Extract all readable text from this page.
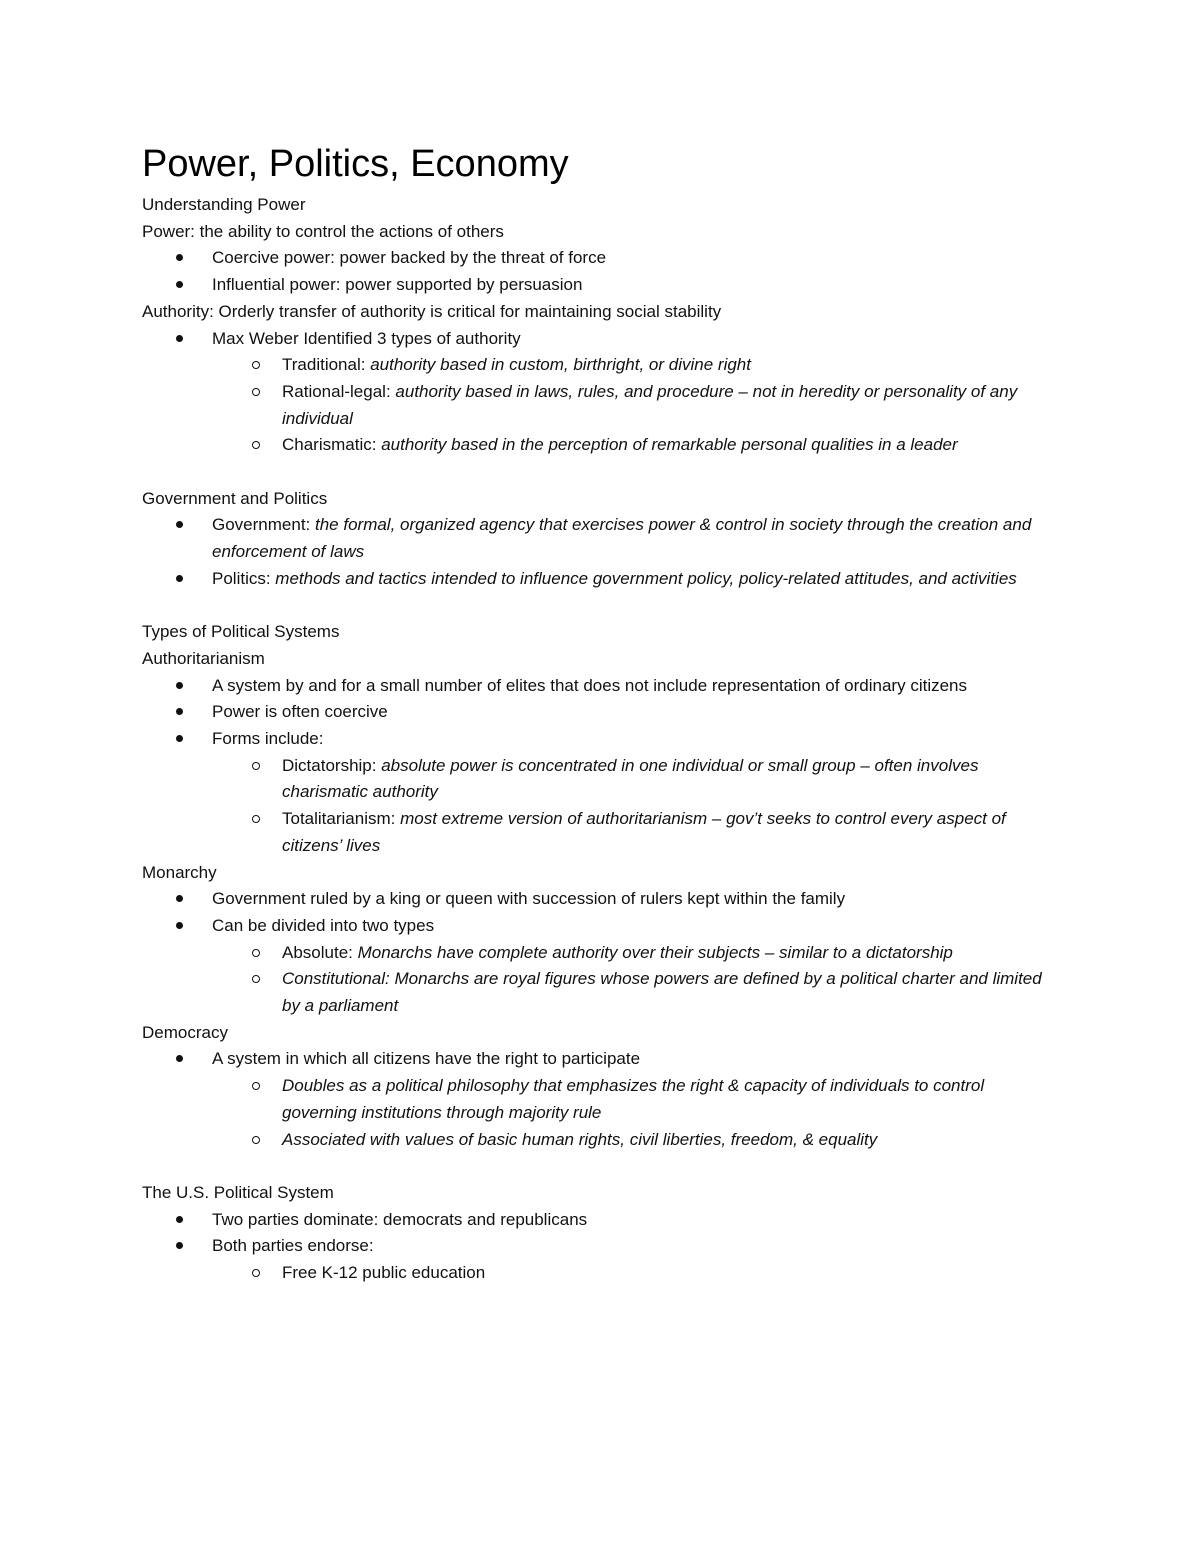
Power, Politics, Economy

Understanding Power

Power: the ability to control the actions of others

Coercive power: power backed by the threat of force
Influential power: power supported by persuasion

Authority: Orderly transfer of authority is critical for maintaining social stability

Max Weber Identified 3 types of authority
Traditional: authority based in custom, birthright, or divine right
Rational-legal: authority based in laws, rules, and procedure – not in heredity or personality of any individual
Charismatic: authority based in the perception of remarkable personal qualities in a leader

Government and Politics

Government: the formal, organized agency that exercises power & control in society through the creation and enforcement of laws
Politics: methods and tactics intended to influence government policy, policy-related attitudes, and activities

Types of Political Systems

Authoritarianism

A system by and for a small number of elites that does not include representation of ordinary citizens
Power is often coercive
Forms include:
Dictatorship: absolute power is concentrated in one individual or small group – often involves charismatic authority
Totalitarianism: most extreme version of authoritarianism – gov’t seeks to control every aspect of citizens’ lives

Monarchy

Government ruled by a king or queen with succession of rulers kept within the family
Can be divided into two types
Absolute: Monarchs have complete authority over their subjects – similar to a dictatorship
Constitutional: Monarchs are royal figures whose powers are defined by a political charter and limited by a parliament

Democracy

A system in which all citizens have the right to participate
Doubles as a political philosophy that emphasizes the right & capacity of individuals to control governing institutions through majority rule
Associated with values of basic human rights, civil liberties, freedom, & equality

The U.S. Political System

Two parties dominate: democrats and republicans
Both parties endorse:
Free K-12 public education
